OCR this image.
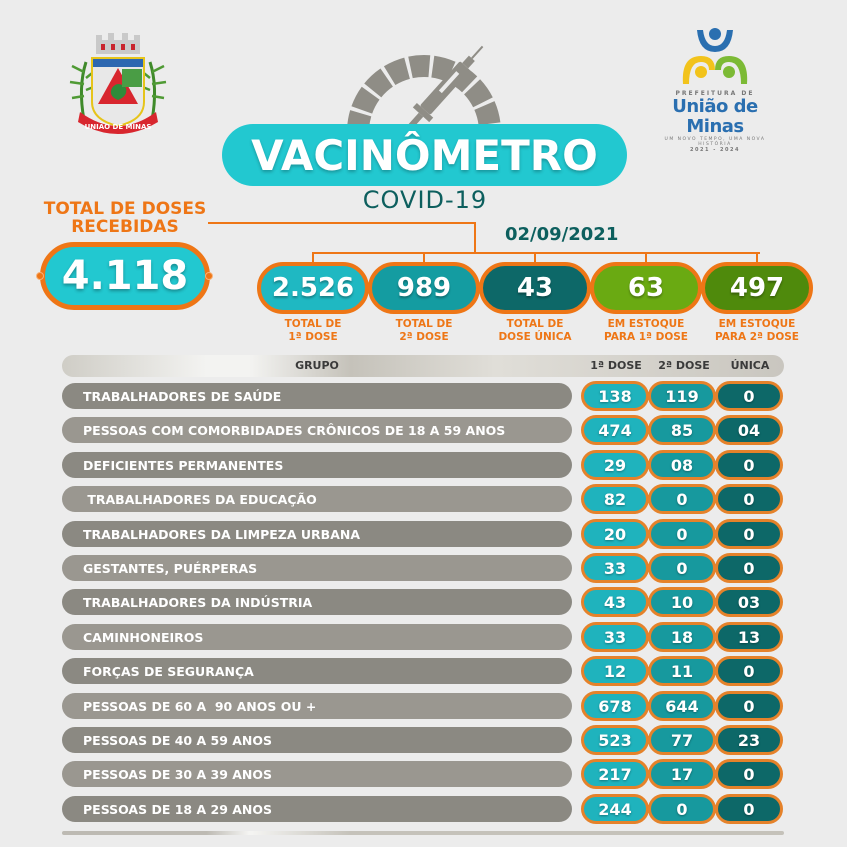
UNIÃO DE MINAS
PREFEITURA DE
União de Minas
UM NOVO TEMPO, UMA NOVA HISTÓRIA
2021 - 2024
VACINÔMETRO
COVID-19
TOTAL DE DOSES
RECEBIDAS
4.118
02/09/2021
2.526 989	43	63	497
TOTAL DE
1ª DOSE
TOTAL DE
2ª DOSE
TOTAL DE
DOSE ÚNICA
EM ESTOQUE
PARA 1ª DOSE
EM ESTOQUE
PARA 2ª DOSE
GRUPO	1ª DOSE	2ª DOSE	ÚNICA
TRABALHADORES DE SAÚDE	138	119	0
PESSOAS COM COMORBIDADES CRÔNICOS DE 18 A 59 ANOS	474	85	04
DEFICIENTES PERMANENTES	29	08	0
TRABALHADORES DA EDUCAÇÃO	82	0	0
TRABALHADORES DA LIMPEZA URBANA	20	0	0
GESTANTES, PUÉRPERAS	33	0	0
TRABALHADORES DA INDÚSTRIA	43	10	03
CAMINHONEIROS	33	18	13
FORÇAS DE SEGURANÇA	12	11	0
PESSOAS DE 60 A  90 ANOS OU +	678	644	0
PESSOAS DE 40 A 59 ANOS	523	77	23
PESSOAS DE 30 A 39 ANOS	217	17	0
PESSOAS DE 18 A 29 ANOS	244	0	0
